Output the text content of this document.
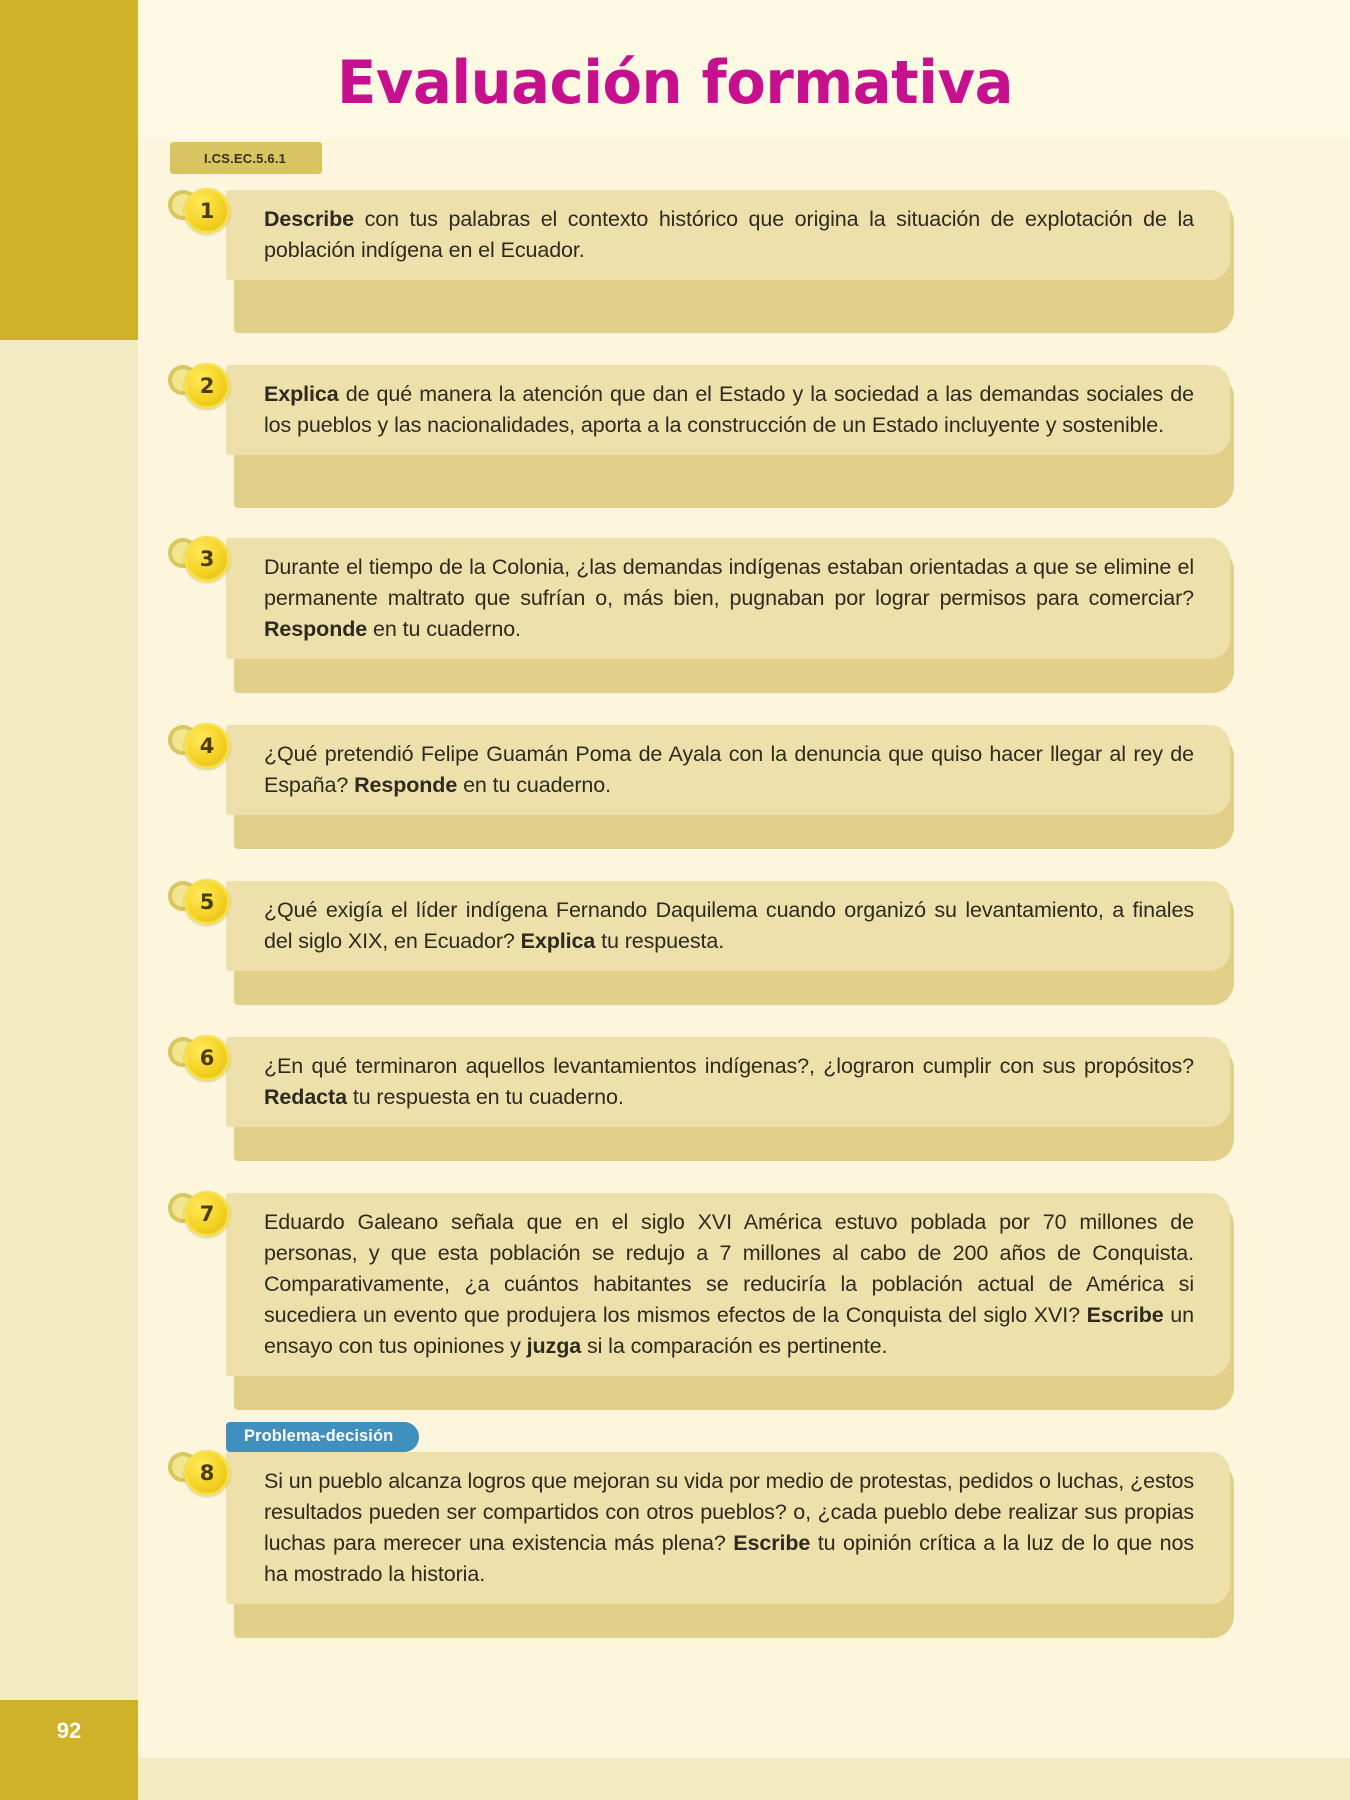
Evaluación formativa
I.CS.EC.5.6.1
1	Describe con tus palabras el contexto histórico que origina la situación de explotación de la población indígena en el Ecuador.
2	Explica de qué manera la atención que dan el Estado y la sociedad a las demandas sociales de los pueblos y las nacionalidades, aporta a la construcción de un Estado incluyente y sostenible.
3	Durante el tiempo de la Colonia, ¿las demandas indígenas estaban orientadas a que se elimine el permanente maltrato que sufrían o, más bien, pugnaban por lograr permisos para comerciar? Responde en tu cuaderno.
4	¿Qué pretendió Felipe Guamán Poma de Ayala con la denuncia que quiso hacer llegar al rey de España? Responde en tu cuaderno.
5	¿Qué exigía el líder indígena Fernando Daquilema cuando organizó su levantamiento, a finales del siglo XIX, en Ecuador? Explica tu respuesta.
6	¿En qué terminaron aquellos levantamientos indígenas?, ¿lograron cumplir con sus propósitos? Redacta tu respuesta en tu cuaderno.
7	Eduardo Galeano señala que en el siglo XVI América estuvo poblada por 70 millones de personas, y que esta población se redujo a 7 millones al cabo de 200 años de Conquista. Comparativamente, ¿a cuántos habitantes se reduciría la población actual de América si sucediera un evento que produjera los mismos efectos de la Conquista del siglo XVI? Escribe un ensayo con tus opiniones y juzga si la comparación es pertinente.
Problema-decisión
8	Si un pueblo alcanza logros que mejoran su vida por medio de protestas, pedidos o luchas, ¿estos resultados pueden ser compartidos con otros pueblos? o, ¿cada pueblo debe realizar sus propias luchas para merecer una existencia más plena? Escribe tu opinión crítica a la luz de lo que nos ha mostrado la historia.
92
